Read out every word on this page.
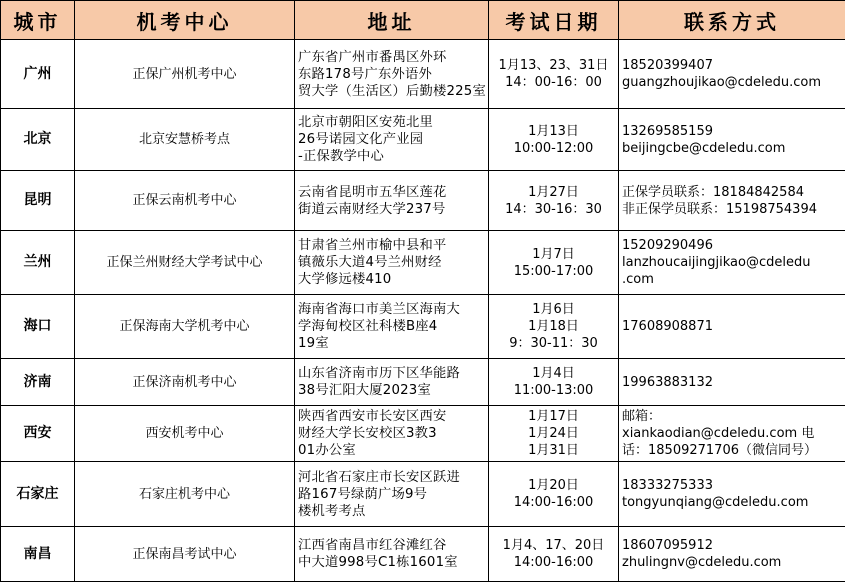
城市	机考中心	地址	考试日期	联系方式
广州	正保广州机考中心	广东省广州市番禺区外环
东路178号广东外语外
贸大学（生活区）后勤楼225室	1月13、23、31日
14：00-16：00	18520399407
guangzhoujikao@cdeledu.com

北京	北京安慧桥考点	北京市朝阳区安苑北里
26号诺园文化产业园
-正保教学中心	1月13日
10:00-12:00	13269585159
beijingcbe@cdeledu.com

昆明	正保云南机考中心	云南省昆明市五华区莲花
街道云南财经大学237号	1月27日
14：30-16：30	正保学员联系：18184842584
非正保学员联系：15198754394

兰州	正保兰州财经大学考试中心	甘肃省兰州市榆中县和平
镇薇乐大道4号兰州财经
大学修远楼410	1月7日
15:00-17:00	15209290496
lanzhoucaijingjikao@cdeledu
.com

海口	正保海南大学机考中心	海南省海口市美兰区海南大
学海甸校区社科楼B座4
19室	1月6日
1月18日
9：30-11：30	17608908871

济南	正保济南机考中心	山东省济南市历下区华能路
38号汇阳大厦2023室	1月4日
11:00-13:00	19963883132

西安	西安机考中心	陕西省西安市长安区西安
财经大学长安校区3教3
01办公室	1月17日
1月24日
1月31日	邮箱：
xiankaodian@cdeledu.com 电
话：18509271706（微信同号）

石家庄	石家庄机考中心	河北省石家庄市长安区跃进
路167号绿荫广场9号
楼机考考点	1月20日
14:00-16:00	18333275333
tongyunqiang@cdeledu.com

南昌	正保南昌考试中心	江西省南昌市红谷滩红谷
中大道998号C1栋1601室	1月4、17、20日
14:00-16:00	18607095912
zhulingnv@cdeledu.com
